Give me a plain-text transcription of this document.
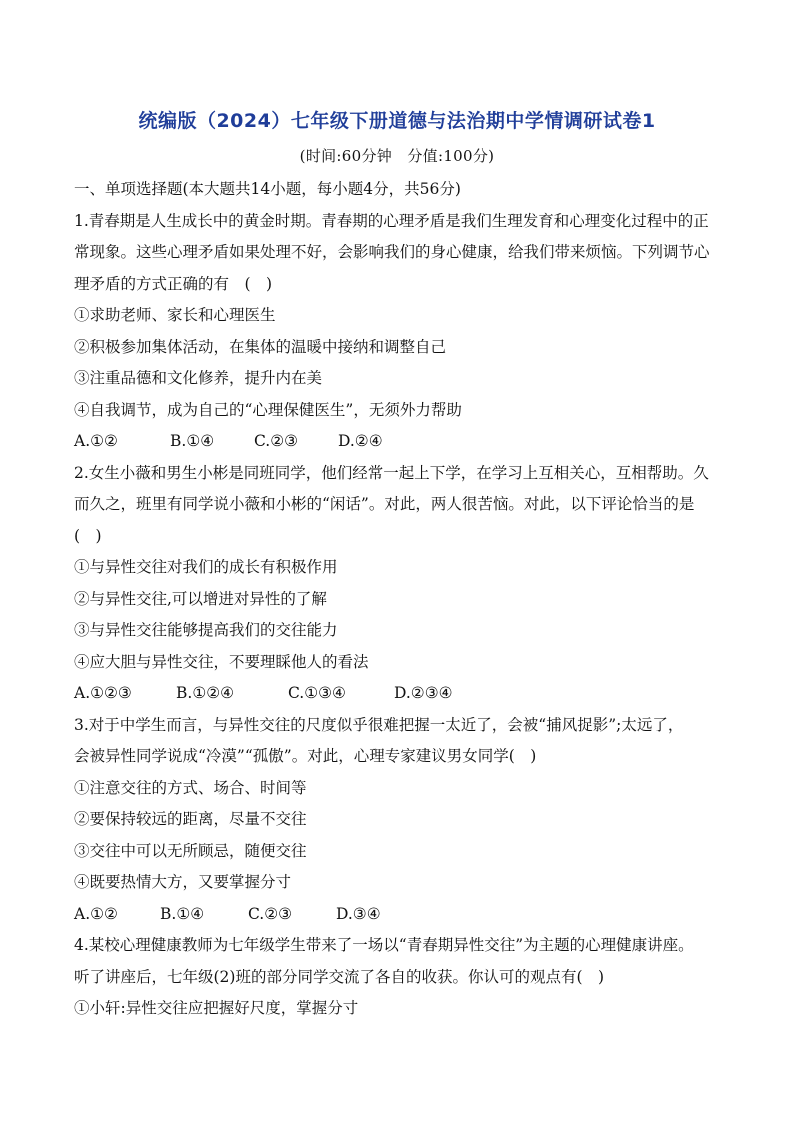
统编版（2024）七年级下册道德与法治期中学情调研试卷1
(时间:60分钟　分值:100分)
一、单项选择题(本大题共14小题，每小题4分，共56分)
1.青春期是人生成长中的黄金时期。青春期的心理矛盾是我们生理发育和心理变化过程中的正
常现象。这些心理矛盾如果处理不好，会影响我们的身心健康，给我们带来烦恼。下列调节心
理矛盾的方式正确的有　(　)
①求助老师、家长和心理医生
②积极参加集体活动，在集体的温暖中接纳和调整自己
③注重品德和文化修养，提升内在美
④自我调节，成为自己的“心理保健医生”，无须外力帮助
A.①②	B.①④	C.②③	D.②④
2.女生小薇和男生小彬是同班同学，他们经常一起上下学，在学习上互相关心，互相帮助。久
而久之，班里有同学说小薇和小彬的“闲话”。对此，两人很苦恼。对此，以下评论恰当的是
(　)
①与异性交往对我们的成长有积极作用
②与异性交往,可以增进对异性的了解
③与异性交往能够提高我们的交往能力
④应大胆与异性交往，不要理睬他人的看法
A.①②③	B.①②④	C.①③④	D.②③④
3.对于中学生而言，与异性交往的尺度似乎很难把握一太近了，会被“捕风捉影”;太远了，
会被异性同学说成“冷漠”“孤傲”。对此，心理专家建议男女同学(　)
①注意交往的方式、场合、时间等
②要保持较远的距离，尽量不交往
③交往中可以无所顾忌，随便交往
④既要热情大方，又要掌握分寸
A.①②	B.①④	C.②③	D.③④
4.某校心理健康教师为七年级学生带来了一场以“青春期异性交往”为主题的心理健康讲座。
听了讲座后，七年级(2)班的部分同学交流了各自的收获。你认可的观点有(　)
①小轩:异性交往应把握好尺度，掌握分寸
